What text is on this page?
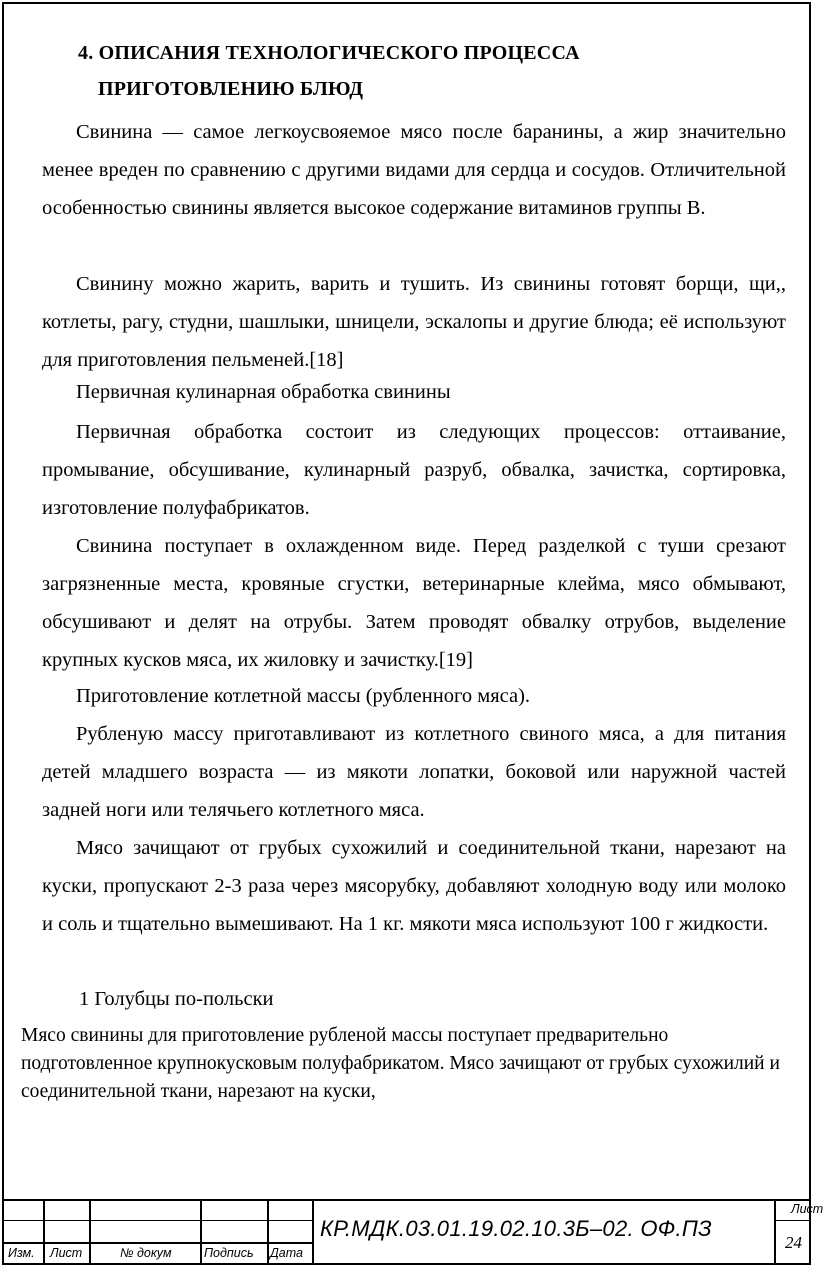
4. ОПИСАНИЯ ТЕХНОЛОГИЧЕСКОГО ПРОЦЕССА
ПРИГОТОВЛЕНИЮ БЛЮД

Свинина — самое легкоусвояемое мясо после баранины, а жир значительно менее вреден по сравнению с другими видами для сердца и сосудов. Отличительной особенностью свинины является высокое содержание витаминов группы В.

Свинину можно жарить, варить и тушить. Из свинины готовят борщи, щи,, котлеты, рагу, студни, шашлыки, шницели, эскалопы и другие блюда; её используют для приготовления пельменей.[18]

Первичная кулинарная обработка свинины

Первичная обработка состоит из следующих процессов: оттаивание, промывание, обсушивание, кулинарный разруб, обвалка, зачистка, сортировка, изготовление полуфабрикатов.

Свинина поступает в охлажденном виде. Перед разделкой с туши срезают загрязненные места, кровяные сгустки, ветеринарные клейма, мясо обмывают, обсушивают и делят на отрубы. Затем проводят обвалку отрубов, выделение крупных кусков мяса, их жиловку и зачистку.[19]

Приготовление котлетной массы (рубленного мяса).

Рубленую массу приготавливают из котлетного свиного мяса, а для питания детей младшего возраста — из мякоти лопатки, боковой или наружной частей задней ноги или телячьего котлетного мяса.

Мясо зачищают от грубых сухожилий и соединительной ткани, нарезают на куски, пропускают 2-3 раза через мясорубку, добавляют холодную воду или молоко и соль и тщательно вымешивают. На 1 кг. мякоти мяса используют 100 г жидкости.

1 Голубцы по-польски

Мясо свинины для приготовление рубленой массы поступает предварительно подготовленное крупнокусковым полуфабрикатом. Мясо зачищают от грубых сухожилий и соединительной ткани, нарезают на куски,

Изм. Лист	№ докум	Подпись Дата
КР.МДК.03.01.19.02.10.3Б–02. ОФ.ПЗ
Лист
24
